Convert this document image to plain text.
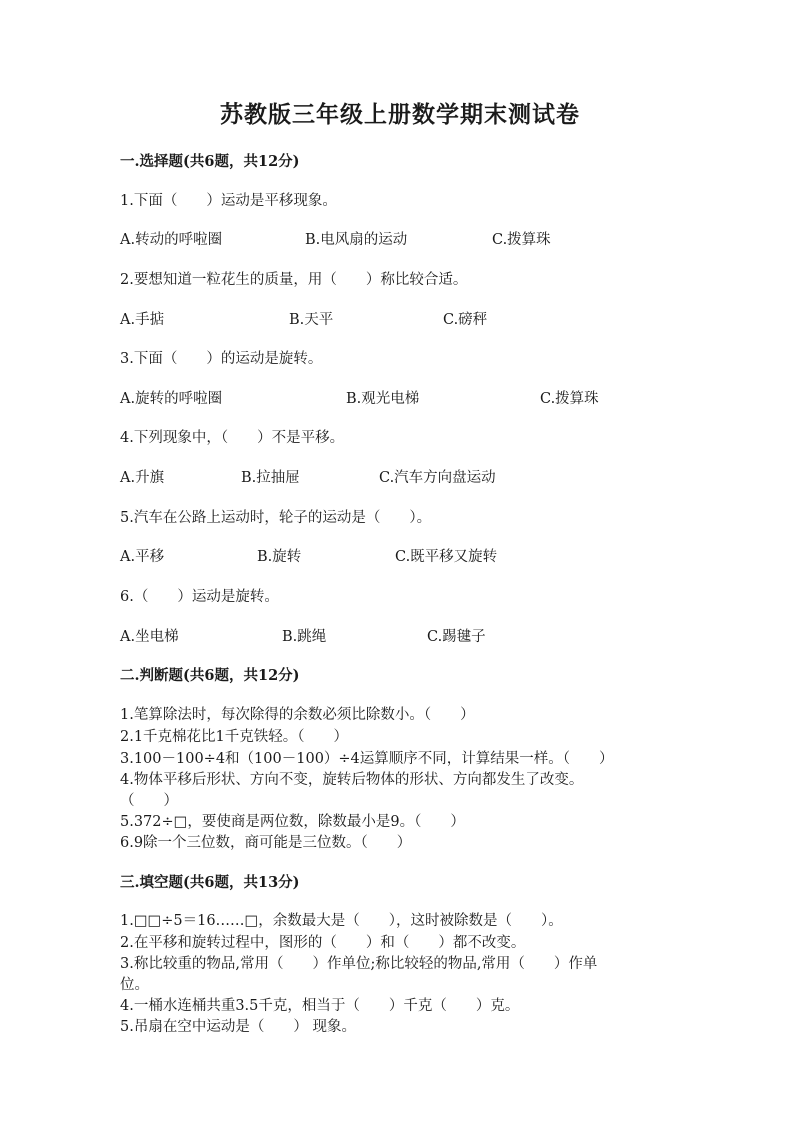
苏教版三年级上册数学期末测试卷
一.选择题(共6题，共12分)
1.下面（　　）运动是平移现象。
A.转动的呼啦圈	B.电风扇的运动	C.拨算珠
2.要想知道一粒花生的质量，用（　　）称比较合适。
A.手掂	B.天平	C.磅秤
3.下面（　　）的运动是旋转。
A.旋转的呼啦圈	B.观光电梯	C.拨算珠
4.下列现象中，（　　）不是平移。
A.升旗	B.拉抽屉	C.汽车方向盘运动
5.汽车在公路上运动时，轮子的运动是（　　）。
A.平移	B.旋转	C.既平移又旋转
6.（　　）运动是旋转。
A.坐电梯	B.跳绳	C.踢毽子
二.判断题(共6题，共12分)
1.笔算除法时，每次除得的余数必须比除数小。（　　）
2.1千克棉花比1千克铁轻。（　　）
3.100－100÷4和（100－100）÷4运算顺序不同，计算结果一样。（　　）
4.物体平移后形状、方向不变，旋转后物体的形状、方向都发生了改变。
（　　）
5.372÷□，要使商是两位数，除数最小是9。（　　）
6.9除一个三位数，商可能是三位数。（　　）
三.填空题(共6题，共13分)
1.□□÷5＝16……□，余数最大是（　　），这时被除数是（　　）。
2.在平移和旋转过程中，图形的（　　）和（　　）都不改变。
3.称比较重的物品,常用（　　）作单位;称比较轻的物品,常用（　　）作单
位。
4.一桶水连桶共重3.5千克，相当于（　　）千克（　　）克。
5.吊扇在空中运动是（　　） 现象。
